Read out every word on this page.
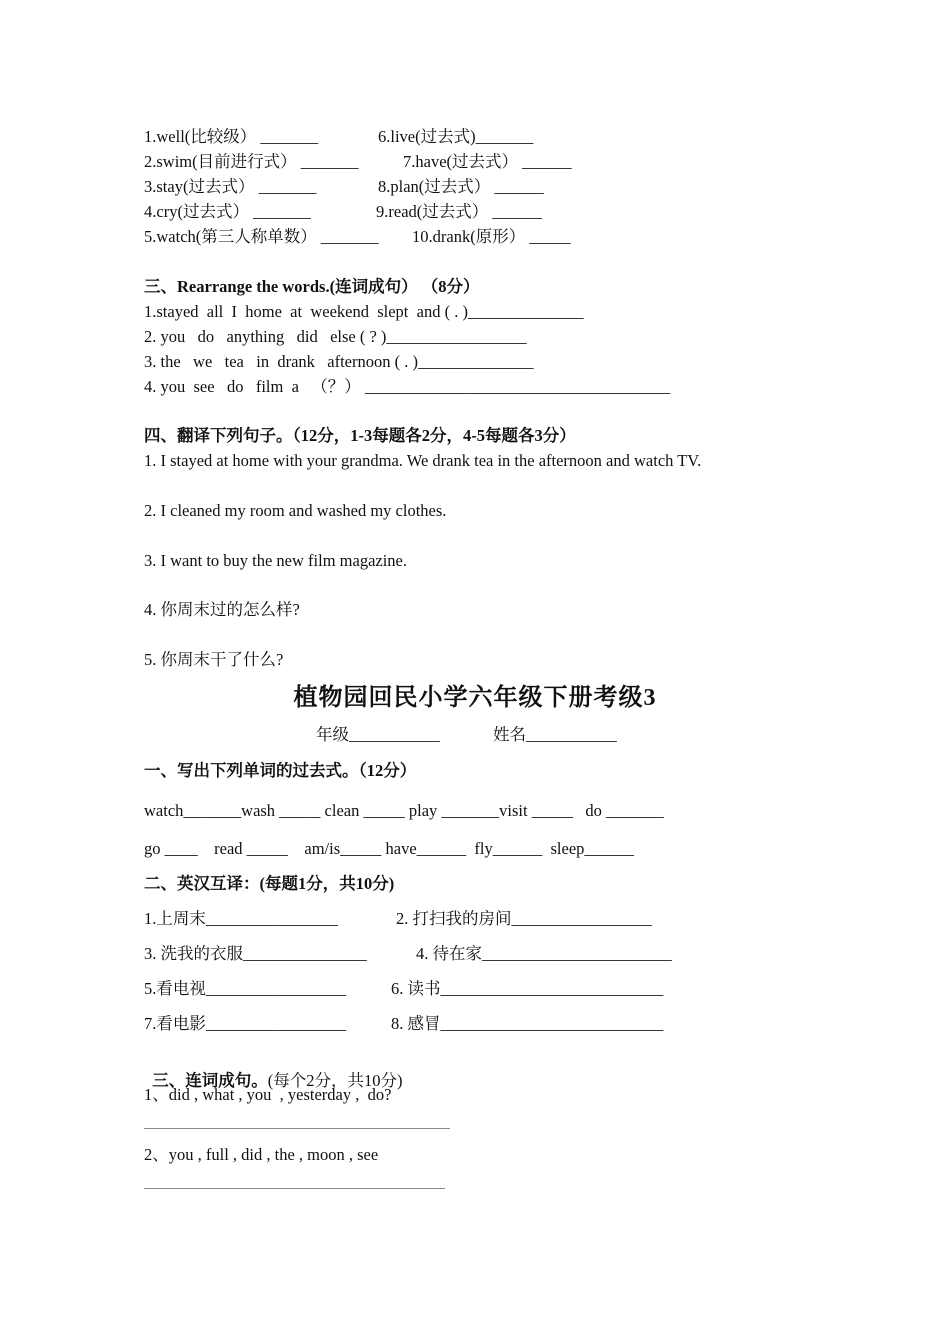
1.well(比较级） _______	6.live(过去式)_______
2.swim(目前进行式） _______	7.have(过去式） ______
3.stay(过去式） _______	8.plan(过去式） ______
4.cry(过去式） _______	9.read(过去式） ______
5.watch(第三人称单数） _______ 10.drank(原形） _____
三、Rearrange the words.(连词成句） （8分）
1.stayed  all  I  home  at  weekend  slept  and ( . )______________
2. you   do   anything   did   else ( ? )_________________
3. the   we   tea   in  drank   afternoon ( . )______________
4. you  see   do   film  a   （？） _____________________________________
四、翻译下列句子。（12分，1-3每题各2分，4-5每题各3分）
1. I stayed at home with your grandma. We drank tea in the afternoon and watch TV.
2. I cleaned my room and washed my clothes.
3. I want to buy the new film magazine.
4. 你周末过的怎么样?
5. 你周末干了什么?
植物园回民小学六年级下册考级3
年级___________	姓名___________
一、写出下列单词的过去式。（12分）
watch_______wash _____ clean _____ play _______visit _____   do _______
go ____    read _____    am/is_____ have______  fly______  sleep______
二、英汉互译：(每题1分，共10分)
1.上周末________________	2. 打扫我的房间_________________
3. 洗我的衣服_______________	4. 待在家_______________________
5.看电视_________________	6. 读书___________________________
7.看电影_________________	8. 感冒___________________________

三、连词成句。(每个2分，共10分)

1、did , what , you  , yesterday ,  do?
2、you , full , did , the , moon , see
